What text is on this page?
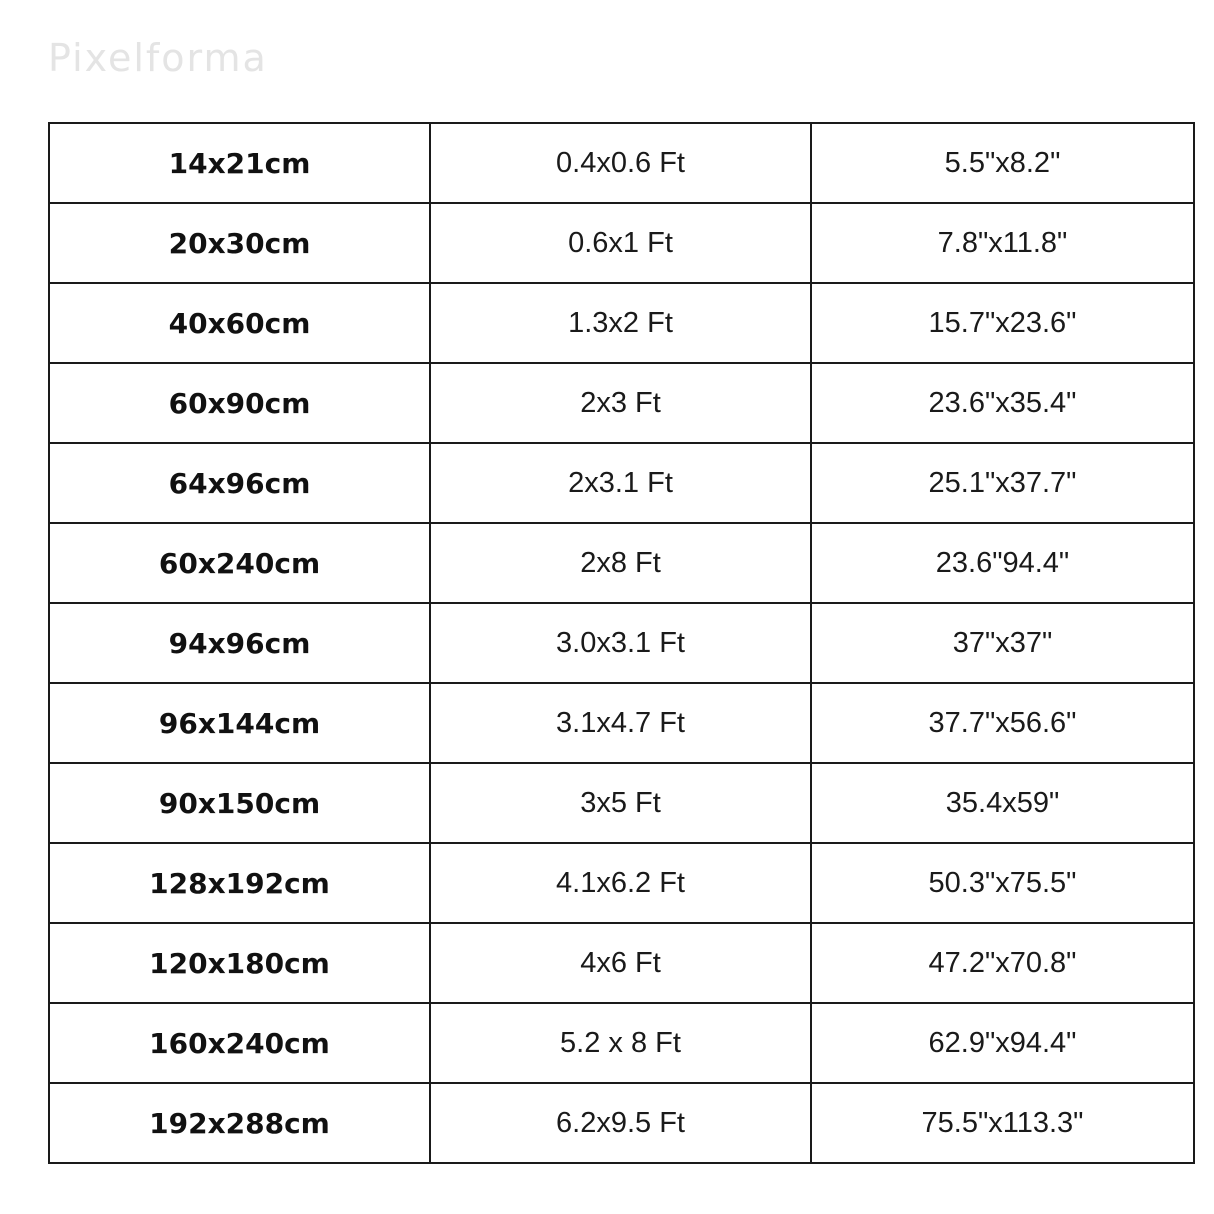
Pixelforma
14x21cm	0.4x0.6 Ft	5.5"x8.2"
20x30cm	0.6x1 Ft	7.8"x11.8"
40x60cm	1.3x2 Ft	15.7"x23.6"
60x90cm	2x3 Ft	23.6"x35.4"
64x96cm	2x3.1 Ft	25.1"x37.7"
60x240cm	2x8 Ft	23.6"94.4"
94x96cm	3.0x3.1 Ft	37"x37"
96x144cm	3.1x4.7 Ft	37.7"x56.6"
90x150cm	3x5 Ft	35.4x59"
128x192cm	4.1x6.2 Ft	50.3"x75.5"
120x180cm	4x6 Ft	47.2"x70.8"
160x240cm	5.2 x 8 Ft	62.9"x94.4"
192x288cm	6.2x9.5 Ft	75.5"x113.3"
